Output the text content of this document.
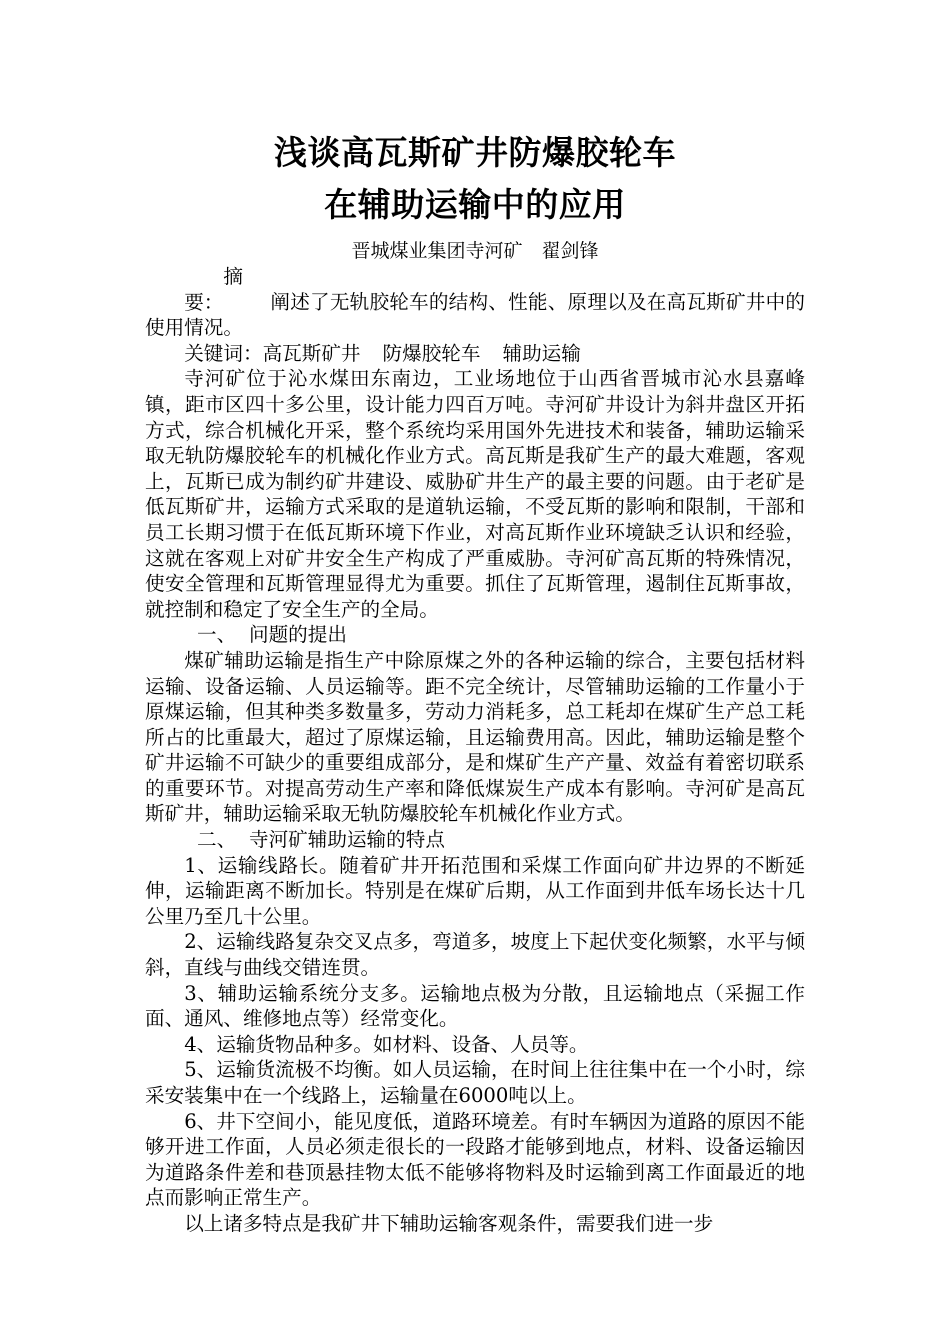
浅谈高瓦斯矿井防爆胶轮车
在辅助运输中的应用

晋城煤业集团寺河矿　翟剑锋

摘　要： 阐述了无轨胶轮车的结构、性能、原理以及在高瓦斯矿井中的使用情况。

关键词：高瓦斯矿井 防爆胶轮车 辅助运输

寺河矿位于沁水煤田东南边，工业场地位于山西省晋城市沁水县嘉峰镇，距市区四十多公里，设计能力四百万吨。寺河矿井设计为斜井盘区开拓方式，综合机械化开采，整个系统均采用国外先进技术和装备，辅助运输采取无轨防爆胶轮车的机械化作业方式。高瓦斯是我矿生产的最大难题，客观上，瓦斯已成为制约矿井建设、威胁矿井生产的最主要的问题。由于老矿是低瓦斯矿井，运输方式采取的是道轨运输，不受瓦斯的影响和限制，干部和员工长期习惯于在低瓦斯环境下作业，对高瓦斯作业环境缺乏认识和经验，这就在客观上对矿井安全生产构成了严重威胁。寺河矿高瓦斯的特殊情况，使安全管理和瓦斯管理显得尤为重要。抓住了瓦斯管理，遏制住瓦斯事故，就控制和稳定了安全生产的全局。

一、 问题的提出

煤矿辅助运输是指生产中除原煤之外的各种运输的综合，主要包括材料运输、设备运输、人员运输等。距不完全统计，尽管辅助运输的工作量小于原煤运输，但其种类多数量多，劳动力消耗多，总工耗却在煤矿生产总工耗所占的比重最大，超过了原煤运输，且运输费用高。因此，辅助运输是整个矿井运输不可缺少的重要组成部分，是和煤矿生产产量、效益有着密切联系的重要环节。对提高劳动生产率和降低煤炭生产成本有影响。寺河矿是高瓦斯矿井，辅助运输采取无轨防爆胶轮车机械化作业方式。

二、 寺河矿辅助运输的特点

1、运输线路长。随着矿井开拓范围和采煤工作面向矿井边界的不断延伸，运输距离不断加长。特别是在煤矿后期，从工作面到井低车场长达十几公里乃至几十公里。

2、运输线路复杂交叉点多，弯道多，坡度上下起伏变化频繁，水平与倾斜，直线与曲线交错连贯。

3、辅助运输系统分支多。运输地点极为分散，且运输地点（采掘工作面、通风、维修地点等）经常变化。

4、运输货物品种多。如材料、设备、人员等。

5、运输货流极不均衡。如人员运输，在时间上往往集中在一个小时，综采安装集中在一个线路上，运输量在6000吨以上。

6、井下空间小，能见度低，道路环境差。有时车辆因为道路的原因不能够开进工作面，人员必须走很长的一段路才能够到地点，材料、设备运输因为道路条件差和巷顶悬挂物太低不能够将物料及时运输到离工作面最近的地点而影响正常生产。

以上诸多特点是我矿井下辅助运输客观条件，需要我们进一步
